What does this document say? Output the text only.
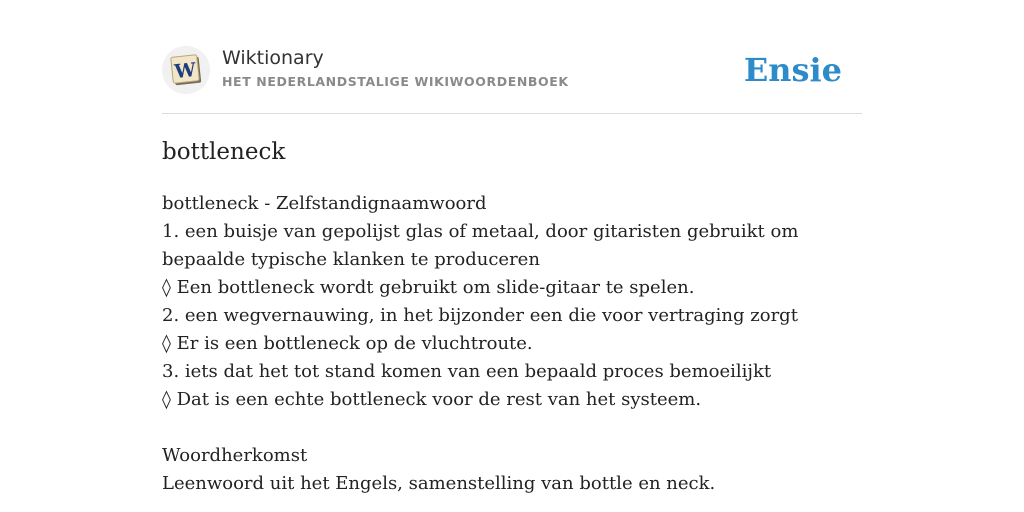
W
Wiktionary
HET NEDERLANDSTALIGE WIKIWOORDENBOEK	Ensie
bottleneck
bottleneck - Zelfstandignaamwoord
1. een buisje van gepolijst glas of metaal, door gitaristen gebruikt om bepaalde typische klanken te produceren
◊ Een bottleneck wordt gebruikt om slide-gitaar te spelen.
2. een wegvernauwing, in het bijzonder een die voor vertraging zorgt
◊ Er is een bottleneck op de vluchtroute.
3. iets dat het tot stand komen van een bepaald proces bemoeilijkt
◊ Dat is een echte bottleneck voor de rest van het systeem.
Woordherkomst
Leenwoord uit het Engels, samenstelling van bottle en neck.
